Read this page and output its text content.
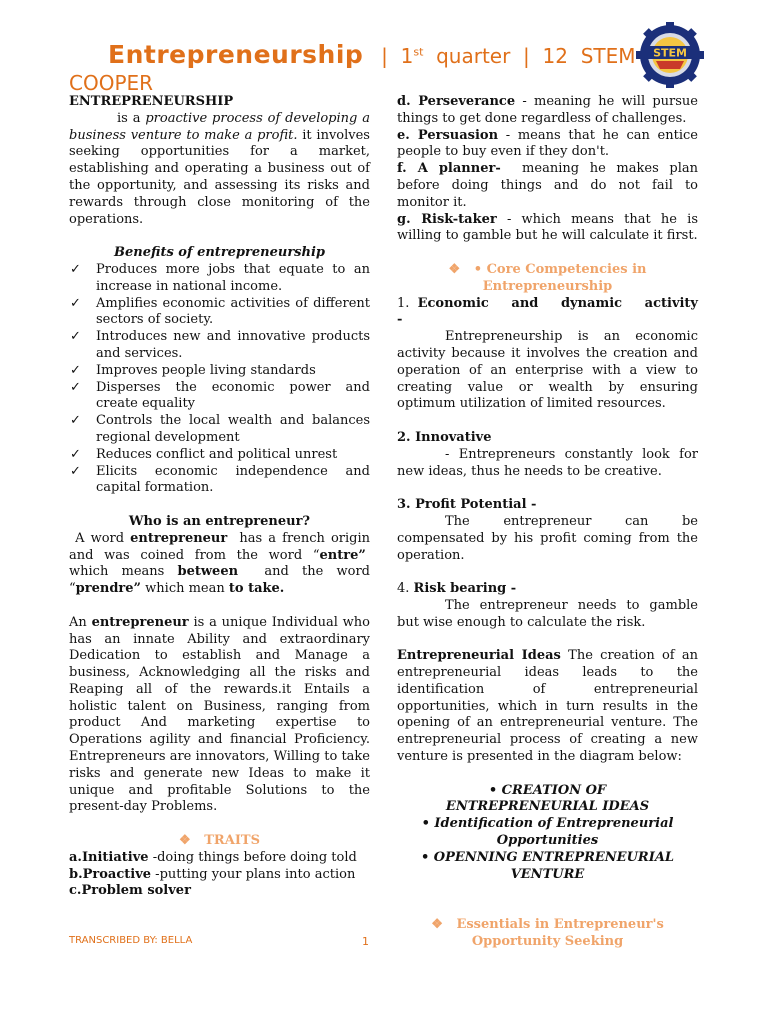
Entrepreneurship | 1st quarter | 12 STEM
COOPER
STEM

ENTREPRENEURSHIP

is a proactive process of developing a business venture to make a profit. it involves seeking opportunities for a market, establishing and operating a business out of the opportunity, and assessing its risks and rewards through close monitoring of the operations.

Benefits of entrepreneurship

✓ Produces more jobs that equate to an increase in national income.
✓ Amplifies economic activities of different sectors of society.
✓ Introduces new and innovative products and services.
✓ Improves people living standards
✓ Disperses the economic power and create equality
✓ Controls the local wealth and balances regional development
✓ Reduces conflict and political unrest
✓ Elicits economic independence and capital formation.

Who is an entrepreneur?

A word entrepreneur has a french origin and was coined from the word “entre”  which means between and the word “prendre” which mean to take.

An entrepreneur is a unique Individual who has an innate Ability and extraordinary Dedication to establish and Manage a business, Acknowledging all the risks and Reaping all of the rewards.it Entails a holistic talent on Business, ranging from product And marketing expertise to Operations agility and financial Proficiency. Entrepreneurs are innovators, Willing to take risks and generate new Ideas to make it unique and profitable Solutions to the present-day Problems.

❖ TRAITS

a.Initiative -doing things before doing told

b.Proactive -putting your plans into action

c.Problem solver

d. Perseverance - meaning he will pursue things to get done regardless of challenges.

e. Persuasion - means that he can entice people to buy even if they don't.

f. A planner- meaning he makes plan before doing things and do not fail to monitor it.

g. Risk-taker - which means that he is willing to gamble but he will calculate it first.

❖ • Core Competencies in Entrepreneurship

1. Economic and dynamic activity -

Entrepreneurship is an economic activity because it involves the creation and operation of an enterprise with a view to creating value or wealth by ensuring optimum utilization of limited resources.

2. Innovative

- Entrepreneurs constantly look for new ideas, thus he needs to be creative.

3. Profit Potential -

The entrepreneur can be compensated by his profit coming from the operation.

4. Risk bearing -

The entrepreneur needs to gamble but wise enough to calculate the risk.

Entrepreneurial Ideas The creation of an entrepreneurial ideas leads to the identification of entrepreneurial opportunities, which in turn results in the opening of an entrepreneurial venture. The entrepreneurial process of creating a new venture is presented in the diagram below:

• CREATION OF ENTREPRENEURIAL IDEAS

• Identification of Entrepreneurial Opportunities

• OPENNING ENTREPRENEURIAL VENTURE

❖ Essentials in Entrepreneur's Opportunity Seeking

TRANSCRIBED BY: BELLA	1
